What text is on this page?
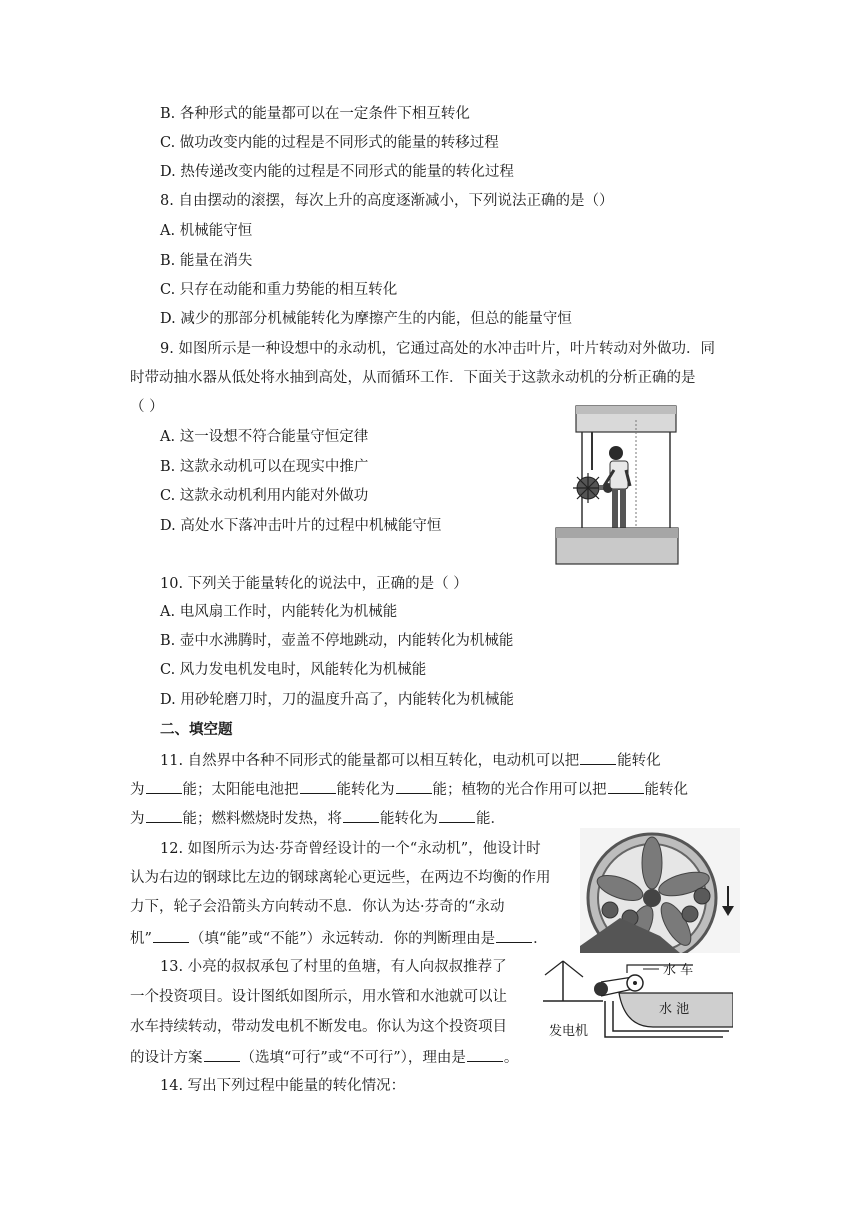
B. 各种形式的能量都可以在一定条件下相互转化
C. 做功改变内能的过程是不同形式的能量的转移过程
D. 热传递改变内能的过程是不同形式的能量的转化过程
8. 自由摆动的滚摆，每次上升的高度逐渐减小，下列说法正确的是（）
A. 机械能守恒
B. 能量在消失
C. 只存在动能和重力势能的相互转化
D. 减少的那部分机械能转化为摩擦产生的内能，但总的能量守恒
9. 如图所示是一种设想中的永动机，它通过高处的水冲击叶片，叶片转动对外做功．同
时带动抽水器从低处将水抽到高处，从而循环工作．下面关于这款永动机的分析正确的是
（ ）
A. 这一设想不符合能量守恒定律
B. 这款永动机可以在现实中推广
C. 这款永动机利用内能对外做功
D. 高处水下落冲击叶片的过程中机械能守恒
10. 下列关于能量转化的说法中，正确的是（ ）
A. 电风扇工作时，内能转化为机械能
B. 壶中水沸腾时，壶盖不停地跳动，内能转化为机械能
C. 风力发电机发电时，风能转化为机械能
D. 用砂轮磨刀时，刀的温度升高了，内能转化为机械能
二、填空题
11. 自然界中各种不同形式的能量都可以相互转化，电动机可以把	能转化
为	能；太阳能电池把	能转化为	能；植物的光合作用可以把	能转化
为	能；燃料燃烧时发热，将	能转化为	能．
12. 如图所示为达·芬奇曾经设计的一个“永动机”，他设计时
认为右边的钢球比左边的钢球离轮心更远些，在两边不均衡的作用
力下，轮子会沿箭头方向转动不息．你认为达·芬奇的“永动
机”	（填“能”或“不能”）永远转动．你的判断理由是	．
13. 小亮的叔叔承包了村里的鱼塘，有人向叔叔推荐了
一个投资项目。设计图纸如图所示，用水管和水池就可以让
水车持续转动，带动发电机不断发电。你认为这个投资项目
的设计方案	（选填“可行”或“不可行”），理由是	。
水 车
水 池
发电机
14. 写出下列过程中能量的转化情况：
